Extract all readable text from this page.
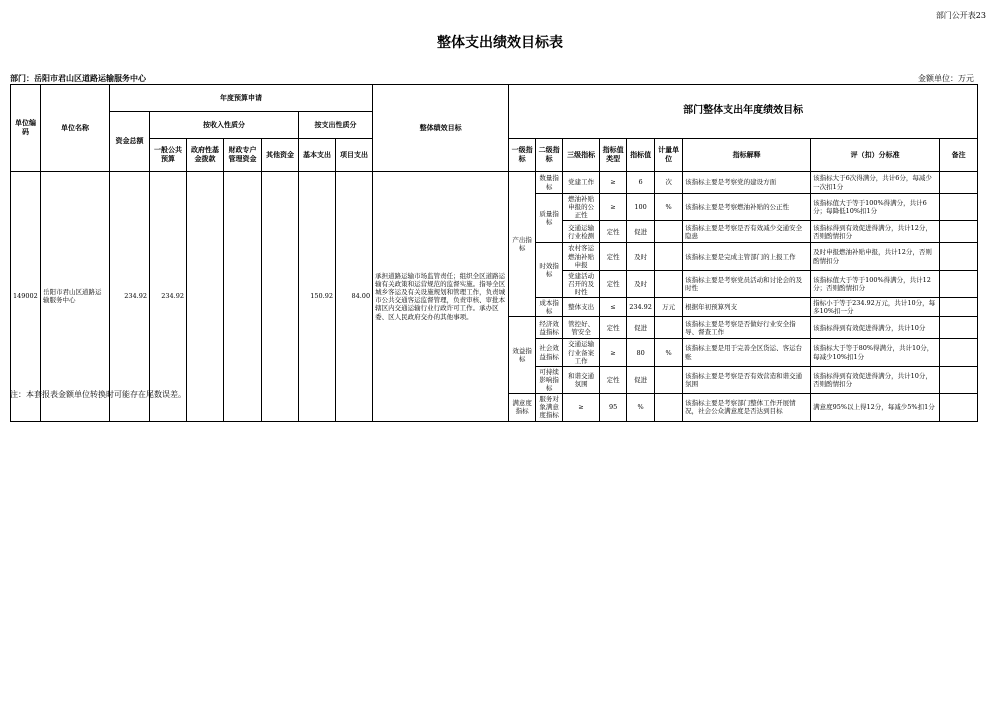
部门公开表23
整体支出绩效目标表
部门：岳阳市君山区道路运输服务中心	金额单位：万元
单位编码	单位名称	年度预算申请							整体绩效目标	部门整体支出年度绩效目标								
		资金总额	按收入性质分				按支出性质分											
			一般公共预算	政府性基金拨款	财政专户管理资金	其他资金	基本支出	项目支出		一级指标	二级指标	三级指标	指标值类型	指标值	计量单位	指标解释	评（扣）分标准	备注
149002	岳阳市君山区道路运输服务中心	234.92	234.92				150.92	84.00	承担道路运输市场监管责任；组织全区道路运输有关政策和运营规范的监督实施。指导全区城乡客运及有关设施规划和管理工作，负责城市公共交通客运监督管理，负责审核、审批本辖区内交通运输行业行政许可工作。承办区委、区人民政府交办的其他事项。	产出指标	数量指标	党建工作	≥	6	次	该指标主要是考察党的建设方面	该指标大于6次得满分，共计6分，每减少一次扣1分	
											质量指标	燃油补贴申报的公正性	≥	100	%	该指标主要是考察燃油补贴的公正性	该指标值大于等于100%得满分，共计6分；每降低10%扣1分	
												交通运输行业检测	定性	促进		该指标主要是考察是否有效减少交通安全隐患	该指标得到有效促进得满分，共计12分，否则酌情扣分	
											时效指标	农村客运燃油补贴申报	定性	及时		该指标主要是完成主管部门的上报工作	及时申报燃油补贴申报，共计12分，否则酌情扣分	
												党建活动召开的及时性	定性	及时		该指标主要是考察党员活动和讨论会的及时性	该指标值大于等于100%得满分，共计12分；否则酌情扣分	
											成本指标	整体支出	≤	234.92	万元	根据年初预算列支	指标小于等于234.92万元，共计10分，每多10%扣一分	
										效益指标	经济效益指标	管控好、管安全	定性	促进		该指标主要是考察是否做好行业安全指导、督查工作	该指标得到有效促进得满分，共计10分	
											社会效益指标	交通运输行业备案工作	≥	80	%	该指标主要是用于完善全区货运、客运台账	该指标大于等于80%得满分，共计10分，每减少10%扣1分	
											可持续影响指标	和谐交通氛围	定性	促进		该指标主要是考察是否有效营造和谐交通氛围	该指标得到有效促进得满分，共计10分，否则酌情扣分	
										满意度指标	服务对象满意度指标	≥	95	%		该指标主要是考察部门整体工作开展情况，社会公众满意度是否达到目标	满意度95%以上得12分，每减少5%扣1分	
注：本套报表金额单位转换时可能存在尾数误差。
